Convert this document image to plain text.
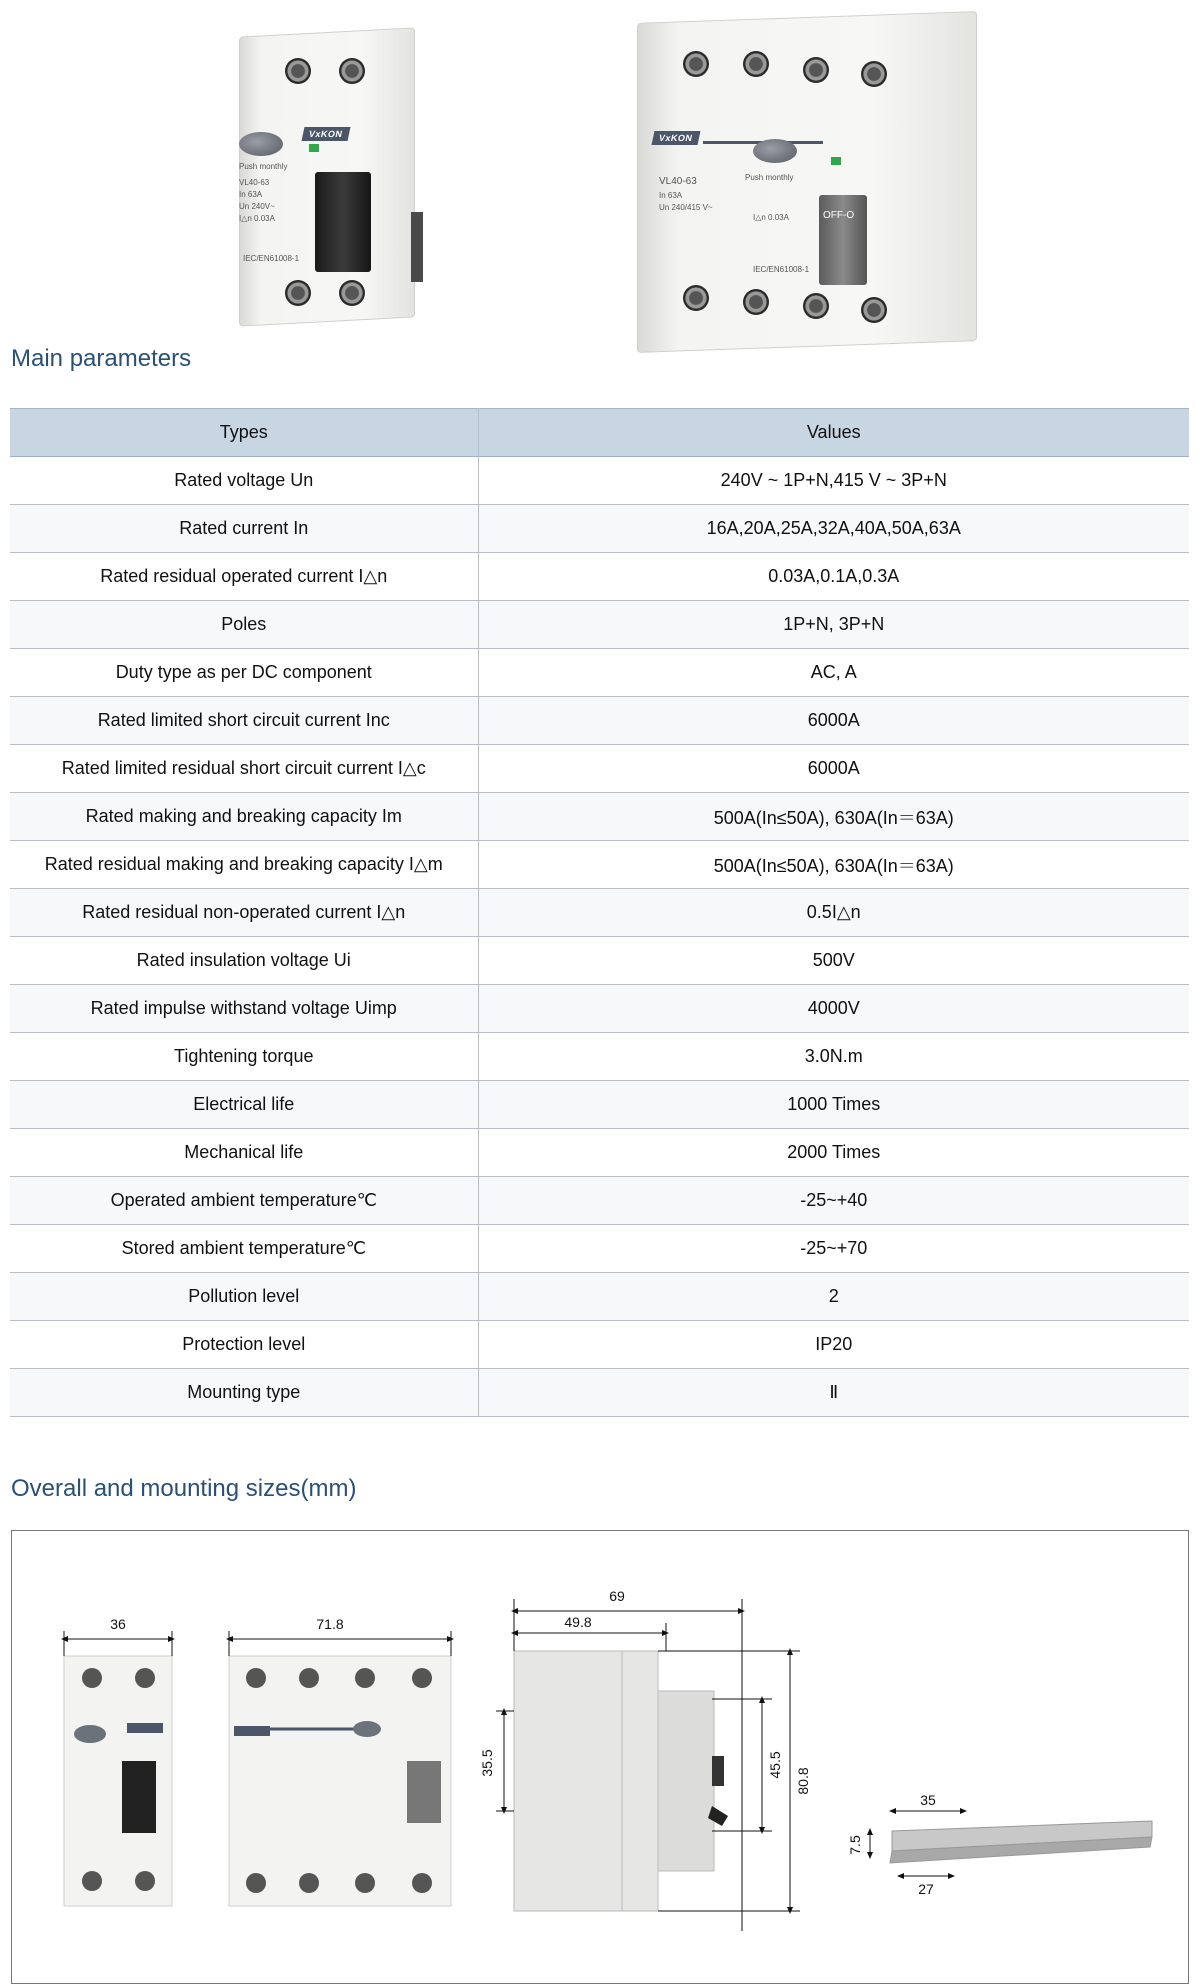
VxKON
Push monthly
VL40-63
In 63A
Un 240V~
I△n 0.03A
IEC/EN61008-1
VxKON
Push monthly
VL40-63
In 63A
Un 240/415 V~
I△n 0.03A
IEC/EN61008-1
OFF-O
Main parameters
Types	Values
Rated voltage Un	240V ~ 1P+N,415 V ~ 3P+N
Rated current In	16A,20A,25A,32A,40A,50A,63A
Rated residual operated current I△n	0.03A,0.1A,0.3A
Poles	1P+N, 3P+N
Duty type as per DC component	AC, A
Rated limited short circuit current Inc	6000A
Rated limited residual short circuit current I△c	6000A
Rated making and breaking capacity Im	500A(In≤50A), 630A(In＝63A)
Rated residual making and breaking capacity I△m	500A(In≤50A), 630A(In＝63A)
Rated residual non-operated current I△n	0.5I△n
Rated insulation voltage Ui	500V
Rated impulse withstand voltage Uimp	4000V
Tightening torque	3.0N.m
Electrical life	1000 Times
Mechanical life	2000 Times
Operated ambient temperature℃	-25~+40
Stored ambient temperature℃	-25~+70
Pollution level	2
Protection level	IP20
Mounting type	Ⅱ
Overall and mounting sizes(mm)
36	71.8
69
49.8
35.5	45.5
80.8
35
7.5
27
